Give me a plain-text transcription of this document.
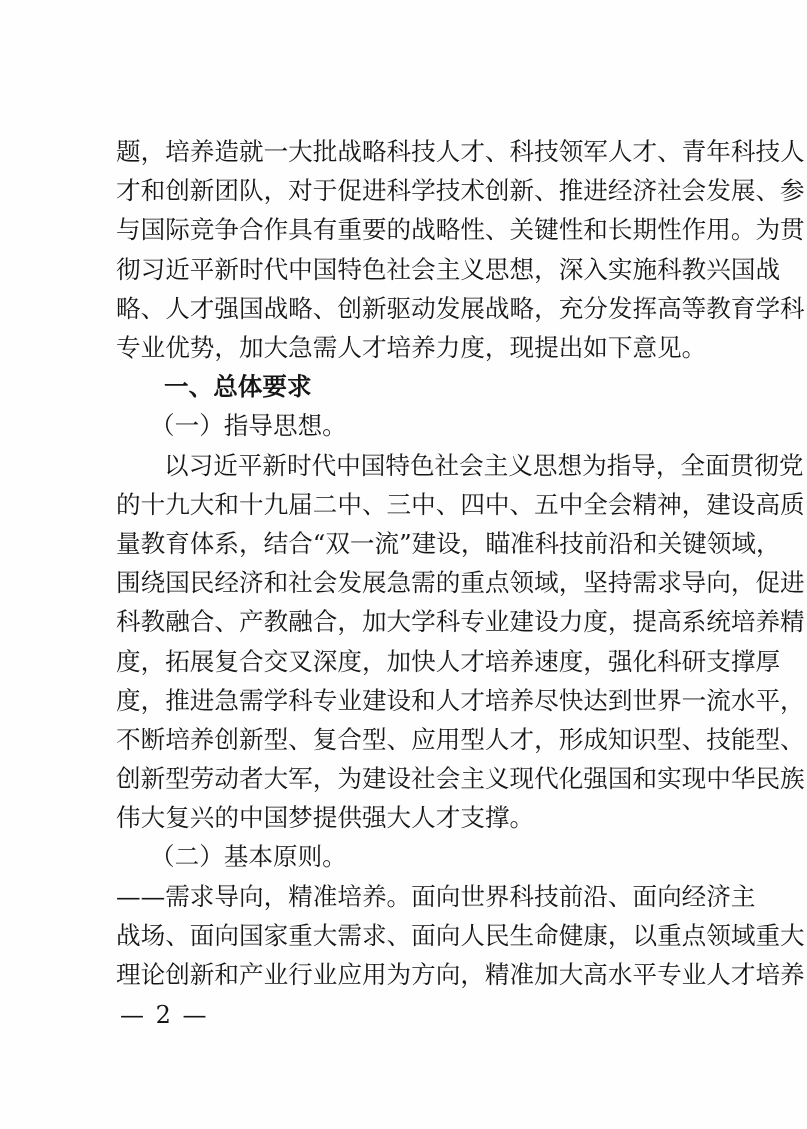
题，培养造就一大批战略科技人才、科技领军人才、青年科技人
才和创新团队，对于促进科学技术创新、推进经济社会发展、参
与国际竞争合作具有重要的战略性、关键性和长期性作用。为贯
彻习近平新时代中国特色社会主义思想，深入实施科教兴国战
略、人才强国战略、创新驱动发展战略，充分发挥高等教育学科
专业优势，加大急需人才培养力度，现提出如下意见。
一、总体要求
（一）指导思想。
以习近平新时代中国特色社会主义思想为指导，全面贯彻党
的十九大和十九届二中、三中、四中、五中全会精神，建设高质
量教育体系，结合“双一流”建设，瞄准科技前沿和关键领域，
围绕国民经济和社会发展急需的重点领域，坚持需求导向，促进
科教融合、产教融合，加大学科专业建设力度，提高系统培养精
度，拓展复合交叉深度，加快人才培养速度，强化科研支撑厚
度，推进急需学科专业建设和人才培养尽快达到世界一流水平，
不断培养创新型、复合型、应用型人才，形成知识型、技能型、
创新型劳动者大军，为建设社会主义现代化强国和实现中华民族
伟大复兴的中国梦提供强大人才支撑。
（二）基本原则。
——需求导向，精准培养。面向世界科技前沿、面向经济主
战场、面向国家重大需求、面向人民生命健康，以重点领域重大
理论创新和产业行业应用为方向，精准加大高水平专业人才培养
— 2 —
